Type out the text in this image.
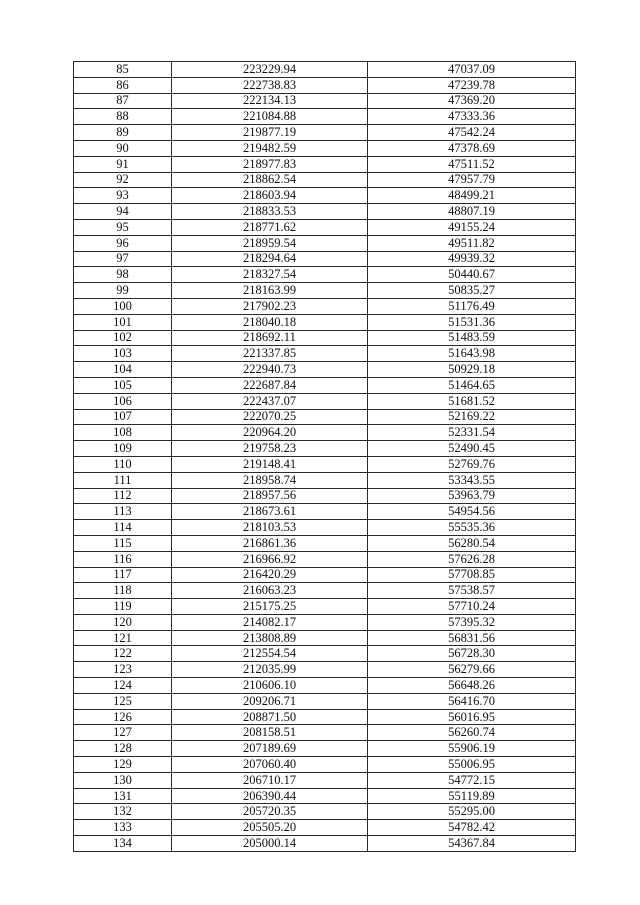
85	223229.94	47037.09
86	222738.83	47239.78
87	222134.13	47369.20
88	221084.88	47333.36
89	219877.19	47542.24
90	219482.59	47378.69
91	218977.83	47511.52
92	218862.54	47957.79
93	218603.94	48499.21
94	218833.53	48807.19
95	218771.62	49155.24
96	218959.54	49511.82
97	218294.64	49939.32
98	218327.54	50440.67
99	218163.99	50835.27
100	217902.23	51176.49
101	218040.18	51531.36
102	218692.11	51483.59
103	221337.85	51643.98
104	222940.73	50929.18
105	222687.84	51464.65
106	222437.07	51681.52
107	222070.25	52169.22
108	220964.20	52331.54
109	219758.23	52490.45
110	219148.41	52769.76
111	218958.74	53343.55
112	218957.56	53963.79
113	218673.61	54954.56
114	218103.53	55535.36
115	216861.36	56280.54
116	216966.92	57626.28
117	216420.29	57708.85
118	216063.23	57538.57
119	215175.25	57710.24
120	214082.17	57395.32
121	213808.89	56831.56
122	212554.54	56728.30
123	212035.99	56279.66
124	210606.10	56648.26
125	209206.71	56416.70
126	208871.50	56016.95
127	208158.51	56260.74
128	207189.69	55906.19
129	207060.40	55006.95
130	206710.17	54772.15
131	206390.44	55119.89
132	205720.35	55295.00
133	205505.20	54782.42
134	205000.14	54367.84
